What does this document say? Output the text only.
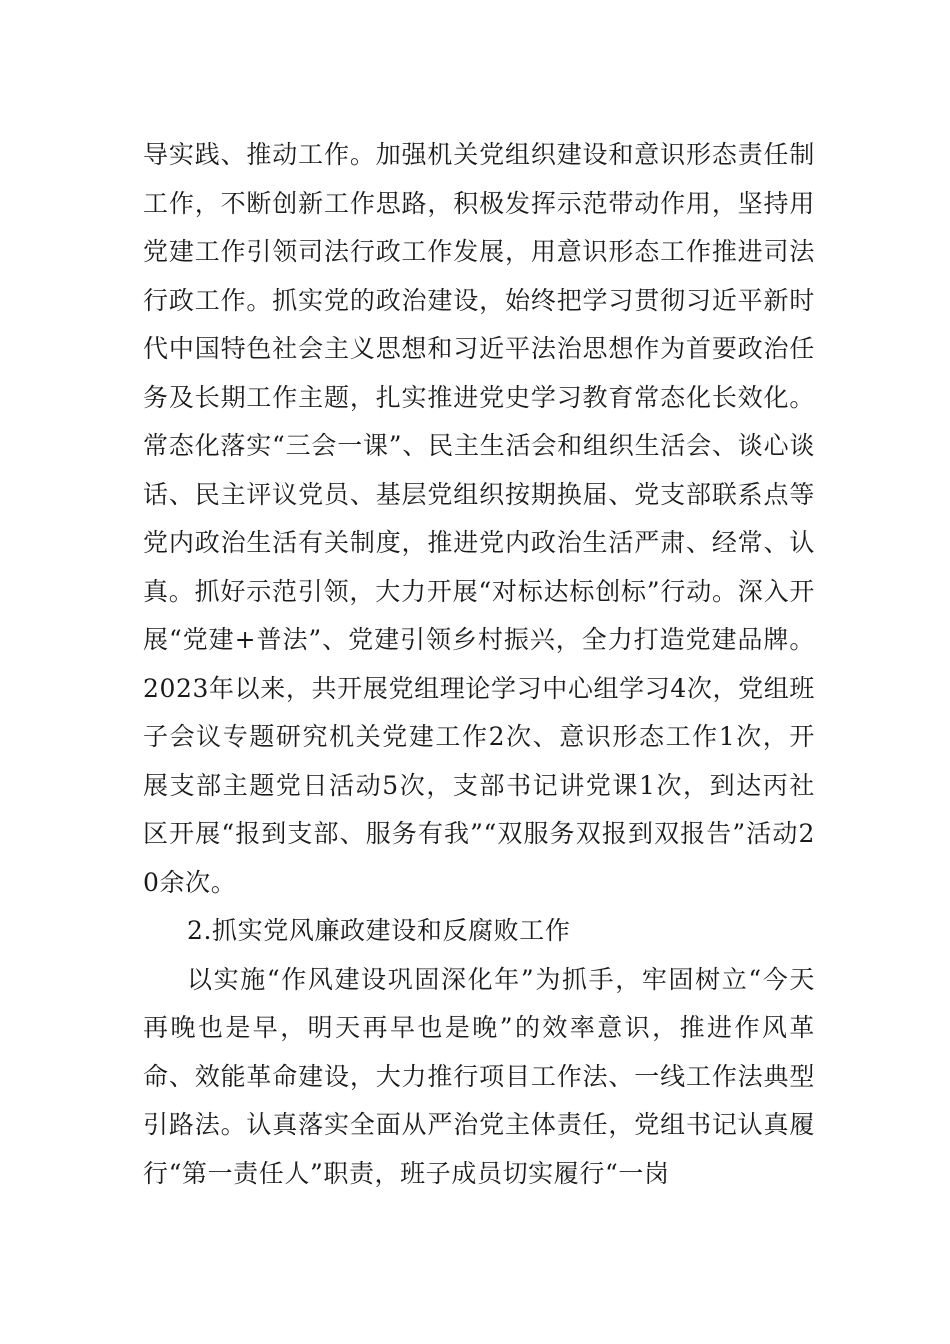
导实践、推动工作。加强机关党组织建设和意识形态责任制工作，不断创新工作思路，积极发挥示范带动作用，坚持用党建工作引领司法行政工作发展，用意识形态工作推进司法行政工作。抓实党的政治建设，始终把学习贯彻习近平新时代中国特色社会主义思想和习近平法治思想作为首要政治任务及长期工作主题，扎实推进党史学习教育常态化长效化。常态化落实“三会一课”、民主生活会和组织生活会、谈心谈话、民主评议党员、基层党组织按期换届、党支部联系点等党内政治生活有关制度，推进党内政治生活严肃、经常、认真。抓好示范引领，大力开展“对标达标创标”行动。深入开展“党建+普法”、党建引领乡村振兴，全力打造党建品牌。2023年以来，共开展党组理论学习中心组学习4次，党组班子会议专题研究机关党建工作2次、意识形态工作1次，开展支部主题党日活动5次，支部书记讲党课1次，到达丙社区开展“报到支部、服务有我”“双服务双报到双报告”活动20余次。

2.抓实党风廉政建设和反腐败工作

以实施“作风建设巩固深化年”为抓手，牢固树立“今天再晚也是早，明天再早也是晚”的效率意识，推进作风革命、效能革命建设，大力推行项目工作法、一线工作法典型引路法。认真落实全面从严治党主体责任，党组书记认真履行“第一责任人”职责，班子成员切实履行“一岗
